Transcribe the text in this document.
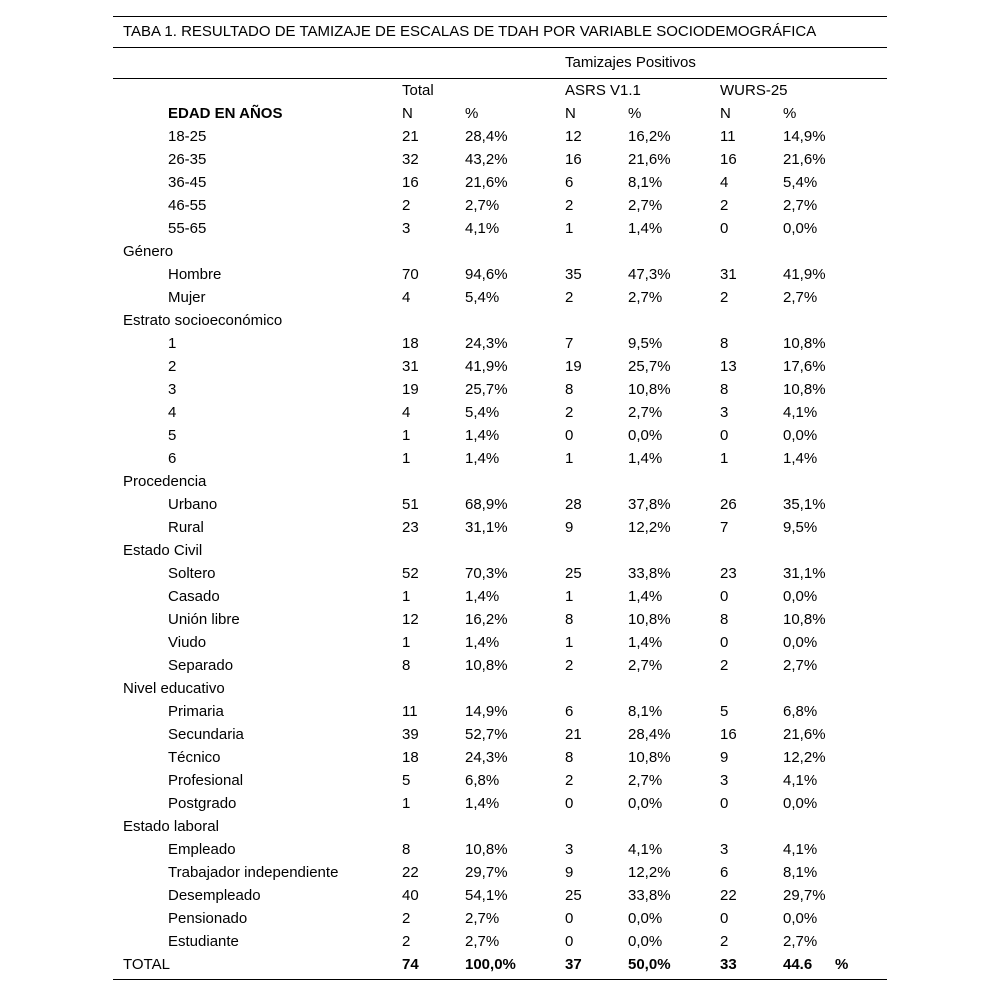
TABA 1. RESULTADO DE TAMIZAJE DE ESCALAS DE TDAH POR VARIABLE SOCIODEMOGRÁFICA
Tamizajes Positivos
Total	ASRS V1.1	WURS-25
EDAD EN AÑOS	N	%	N	%	N	%
18-25	21	28,4%	12	16,2%	11	14,9%
26-35	32	43,2%	16	21,6%	16	21,6%
36-45	16	21,6%	6	8,1%	4	5,4%
46-55	2	2,7%	2	2,7%	2	2,7%
55-65	3	4,1%	1	1,4%	0	0,0%
Género
Hombre	70	94,6%	35	47,3%	31	41,9%
Mujer	4	5,4%	2	2,7%	2	2,7%
Estrato socioeconómico
1	18	24,3%	7	9,5%	8	10,8%
2	31	41,9%	19	25,7%	13	17,6%
3	19	25,7%	8	10,8%	8	10,8%
4	4	5,4%	2	2,7%	3	4,1%
5	1	1,4%	0	0,0%	0	0,0%
6	1	1,4%	1	1,4%	1	1,4%
Procedencia
Urbano	51	68,9%	28	37,8%	26	35,1%
Rural	23	31,1%	9	12,2%	7	9,5%
Estado Civil
Soltero	52	70,3%	25	33,8%	23	31,1%
Casado	1	1,4%	1	1,4%	0	0,0%
Unión libre	12	16,2%	8	10,8%	8	10,8%
Viudo	1	1,4%	1	1,4%	0	0,0%
Separado	8	10,8%	2	2,7%	2	2,7%
Nivel educativo
Primaria	11	14,9%	6	8,1%	5	6,8%
Secundaria	39	52,7%	21	28,4%	16	21,6%
Técnico	18	24,3%	8	10,8%	9	12,2%
Profesional	5	6,8%	2	2,7%	3	4,1%
Postgrado	1	1,4%	0	0,0%	0	0,0%
Estado laboral
Empleado	8	10,8%	3	4,1%	3	4,1%
Trabajador independiente	22	29,7%	9	12,2%	6	8,1%
Desempleado	40	54,1%	25	33,8%	22	29,7%
Pensionado	2	2,7%	0	0,0%	0	0,0%
Estudiante	2	2,7%	0	0,0%	2	2,7%
TOTAL	74	100,0%	37	50,0%	33	44.6 %
